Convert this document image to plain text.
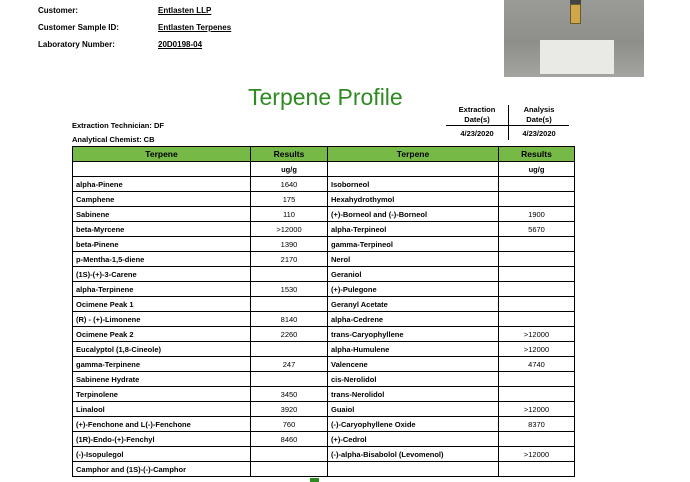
Customer:	Entlasten LLP
Customer Sample ID:	Entlasten Terpenes
Laboratory Number:	20D0198-04
Terpene Profile
Extraction Technician: DF
Analytical Chemist: CB
Extraction
Date(s)
4/23/2020
Analysis
Date(s)
4/23/2020
Terpene	Results	Terpene	Results
	ug/g		ug/g
alpha-Pinene	1640	Isoborneol	
Camphene	175	Hexahydrothymol	
Sabinene	110	(+)-Borneol and (-)-Borneol	1900
beta-Myrcene	>12000	alpha-Terpineol	5670
beta-Pinene	1390	gamma-Terpineol	
p-Mentha-1,5-diene	2170	Nerol	
(1S)-(+)-3-Carene		Geraniol	
alpha-Terpinene	1530	(+)-Pulegone	
Ocimene Peak 1		Geranyl Acetate	
(R) - (+)-Limonene	8140	alpha-Cedrene	
Ocimene Peak 2	2260	trans-Caryophyllene	>12000
Eucalyptol (1,8-Cineole)		alpha-Humulene	>12000
gamma-Terpinene	247	Valencene	4740
Sabinene Hydrate		cis-Nerolidol	
Terpinolene	3450	trans-Nerolidol	
Linalool	3920	Guaiol	>12000
(+)-Fenchone and L(-)-Fenchone	760	(-)-Caryophyllene Oxide	8370
(1R)-Endo-(+)-Fenchyl	8460	(+)-Cedrol	
(-)-Isopulegol		(-)-alpha-Bisabolol (Levomenol)	>12000
Camphor and (1S)-(-)-Camphor			
